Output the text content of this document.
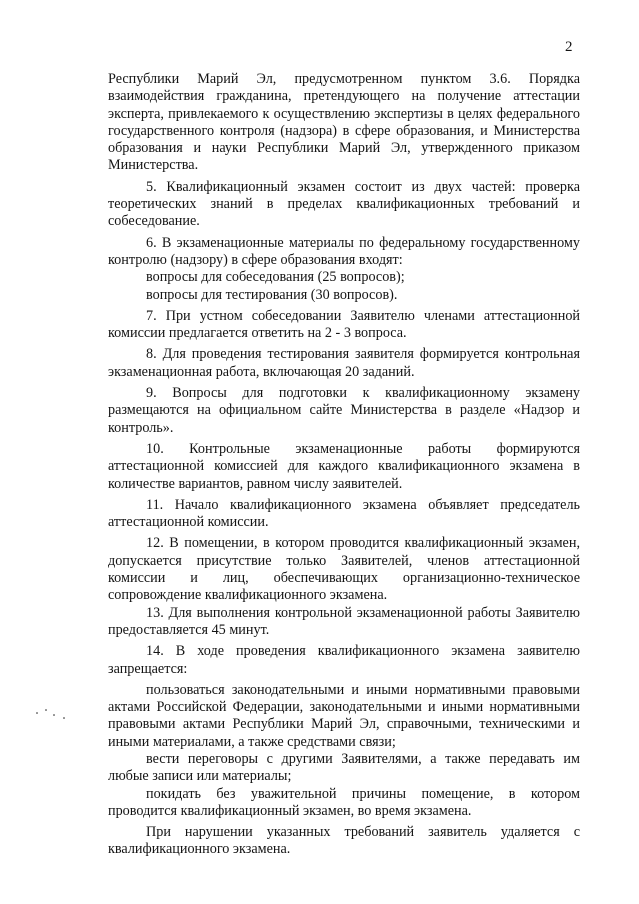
2

Республики Марий Эл, предусмотренном пунктом 3.6. Порядка взаимодействия гражданина, претендующего на получение аттестации эксперта, привлекаемого к осуществлению экспертизы в целях федерального государственного контроля (надзора) в сфере образования, и Министерства образования и науки Республики Марий Эл, утвержденного приказом Министерства.

5. Квалификационный экзамен состоит из двух частей: проверка теоретических знаний в пределах квалификационных требований и собеседование.

6. В экзаменационные материалы по федеральному государственному контролю (надзору) в сфере образования входят:

вопросы для собеседования (25 вопросов);

вопросы для тестирования (30 вопросов).

7. При устном собеседовании Заявителю членами аттестационной комиссии предлагается ответить на 2 - 3 вопроса.

8. Для проведения тестирования заявителя формируется контрольная экзаменационная работа, включающая 20 заданий.

9. Вопросы для подготовки к квалификационному экзамену размещаются на официальном сайте Министерства в разделе «Надзор и контроль».

10. Контрольные экзаменационные работы формируются аттестационной комиссией для каждого квалификационного экзамена в количестве вариантов, равном числу заявителей.

11. Начало квалификационного экзамена объявляет председатель аттестационной комиссии.

12. В помещении, в котором проводится квалификационный экзамен, допускается присутствие только Заявителей, членов аттестационной комиссии и лиц, обеспечивающих организационно-техническое сопровождение квалификационного экзамена.

13. Для выполнения контрольной экзаменационной работы Заявителю предоставляется 45 минут.

14. В ходе проведения квалификационного экзамена заявителю запрещается:

пользоваться законодательными и иными нормативными правовыми актами Российской Федерации, законодательными и иными нормативными правовыми актами Республики Марий Эл, справочными, техническими и иными материалами, а также средствами связи;

вести переговоры с другими Заявителями, а также передавать им любые записи или материалы;

покидать без уважительной причины помещение, в котором проводится квалификационный экзамен, во время экзамена.

При нарушении указанных требований заявитель удаляется с квалификационного экзамена.
